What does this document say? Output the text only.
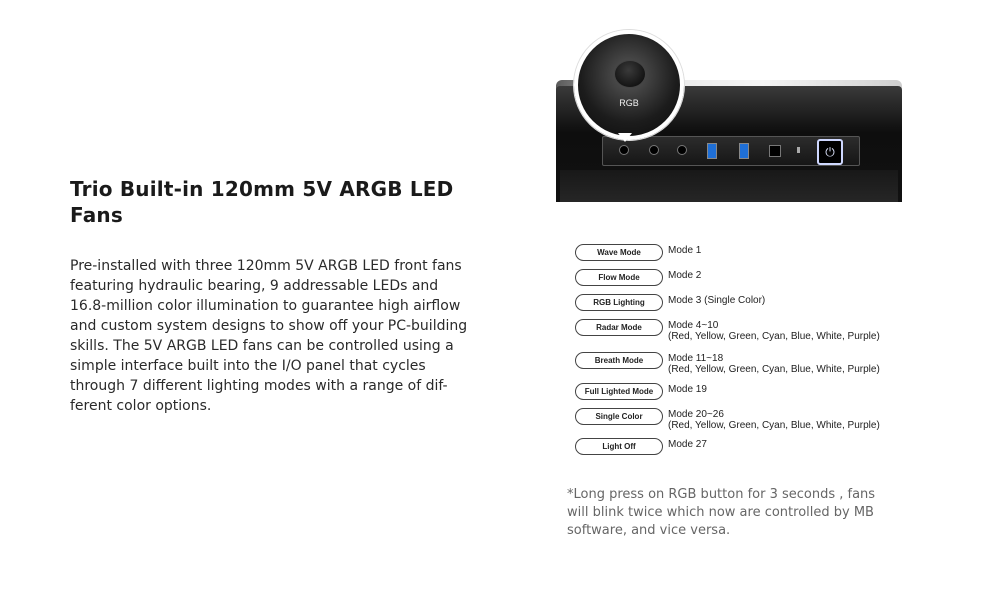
Trio Built-in 120mm 5V ARGB LED
Fans
Pre-installed with three 120mm 5V ARGB LED front fans
featuring hydraulic bearing, 9 addressable LEDs and
16.8-million color illumination to guarantee high airflow
and custom system designs to show off your PC-building
skills. The 5V ARGB LED fans can be controlled using a
simple interface built into the I/O panel that cycles
through 7 different lighting modes with a range of dif-
ferent color options.
⏻
RGB
Wave Mode	Mode 1
Flow Mode	Mode 2
RGB Lighting	Mode 3 (Single Color)
Radar Mode	Mode 4~10
(Red, Yellow, Green, Cyan, Blue, White, Purple)
Breath Mode	Mode 11~18
(Red, Yellow, Green, Cyan, Blue, White, Purple)
Full Lighted Mode	Mode 19
Single Color	Mode 20~26
(Red, Yellow, Green, Cyan, Blue, White, Purple)
Light Off	Mode 27
*Long press on RGB button for 3 seconds , fans
will blink twice which now are controlled by MB
software, and vice versa.
